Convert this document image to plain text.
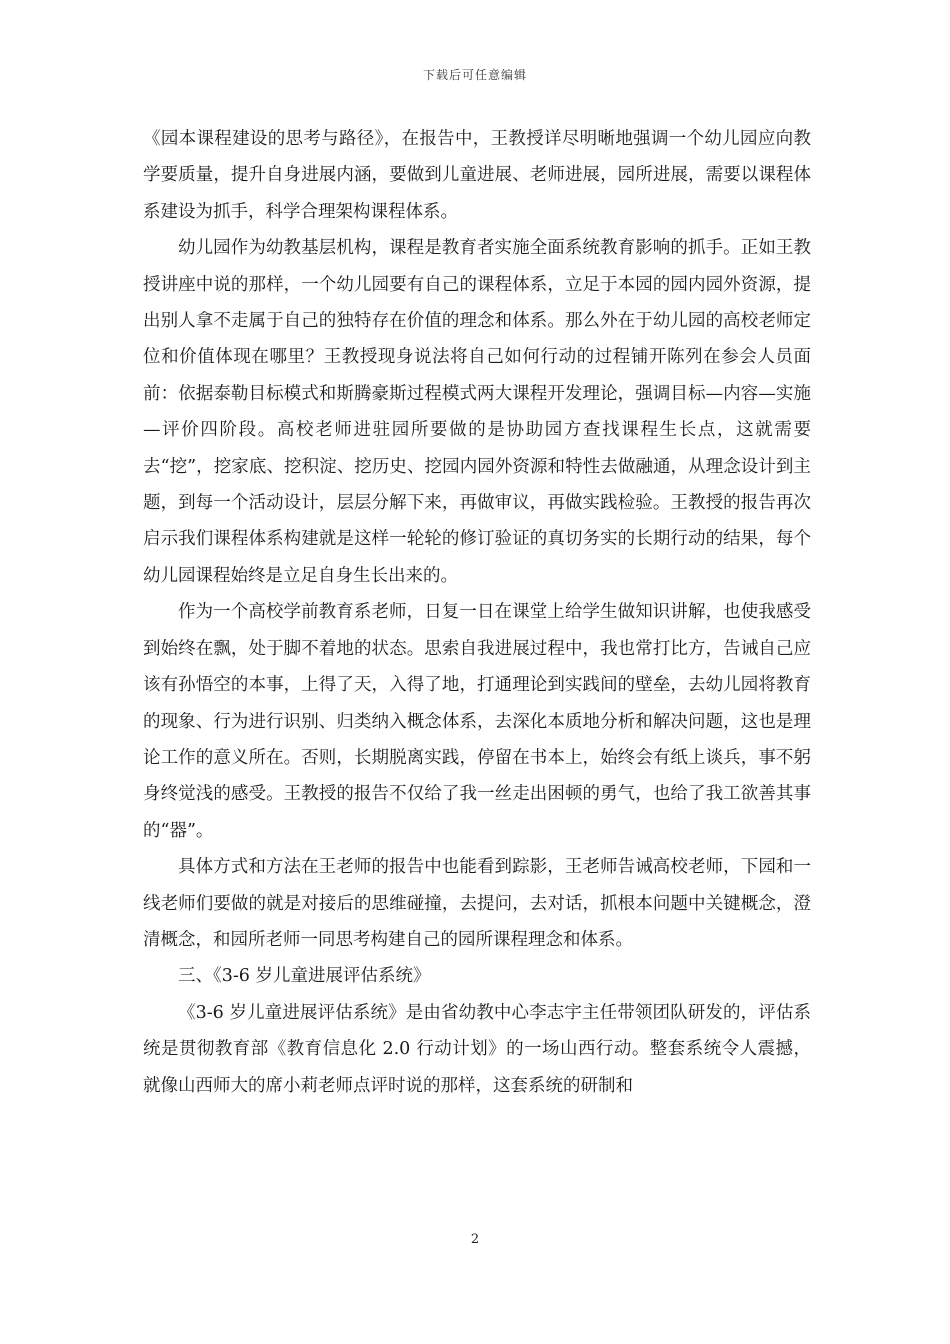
下载后可任意编辑

《园本课程建设的思考与路径》，在报告中，王教授详尽明晰地强调一个幼儿园应向教学要质量，提升自身进展内涵，要做到儿童进展、老师进展，园所进展，需要以课程体系建设为抓手，科学合理架构课程体系。

幼儿园作为幼教基层机构，课程是教育者实施全面系统教育影响的抓手。正如王教授讲座中说的那样，一个幼儿园要有自己的课程体系，立足于本园的园内园外资源，提出别人拿不走属于自己的独特存在价值的理念和体系。那么外在于幼儿园的高校老师定位和价值体现在哪里？王教授现身说法将自己如何行动的过程铺开陈列在参会人员面前：依据泰勒目标模式和斯腾豪斯过程模式两大课程开发理论，强调目标—内容—实施—评价四阶段。高校老师进驻园所要做的是协助园方查找课程生长点，这就需要去“挖”，挖家底、挖积淀、挖历史、挖园内园外资源和特性去做融通，从理念设计到主题，到每一个活动设计，层层分解下来，再做审议，再做实践检验。王教授的报告再次启示我们课程体系构建就是这样一轮轮的修订验证的真切务实的长期行动的结果，每个幼儿园课程始终是立足自身生长出来的。

作为一个高校学前教育系老师，日复一日在课堂上给学生做知识讲解，也使我感受到始终在飘，处于脚不着地的状态。思索自我进展过程中，我也常打比方，告诫自己应该有孙悟空的本事，上得了天，入得了地，打通理论到实践间的壁垒，去幼儿园将教育的现象、行为进行识别、归类纳入概念体系，去深化本质地分析和解决问题，这也是理论工作的意义所在。否则，长期脱离实践，停留在书本上，始终会有纸上谈兵，事不躬身终觉浅的感受。王教授的报告不仅给了我一丝走出困顿的勇气，也给了我工欲善其事的“器”。

具体方式和方法在王老师的报告中也能看到踪影，王老师告诫高校老师，下园和一线老师们要做的就是对接后的思维碰撞，去提问，去对话，抓根本问题中关键概念，澄清概念，和园所老师一同思考构建自己的园所课程理念和体系。

三、《3-6 岁儿童进展评估系统》

《3-6 岁儿童进展评估系统》是由省幼教中心李志宇主任带领团队研发的，评估系统是贯彻教育部《教育信息化 2.0 行动计划》的一场山西行动。整套系统令人震撼，就像山西师大的席小莉老师点评时说的那样，这套系统的研制和

2
